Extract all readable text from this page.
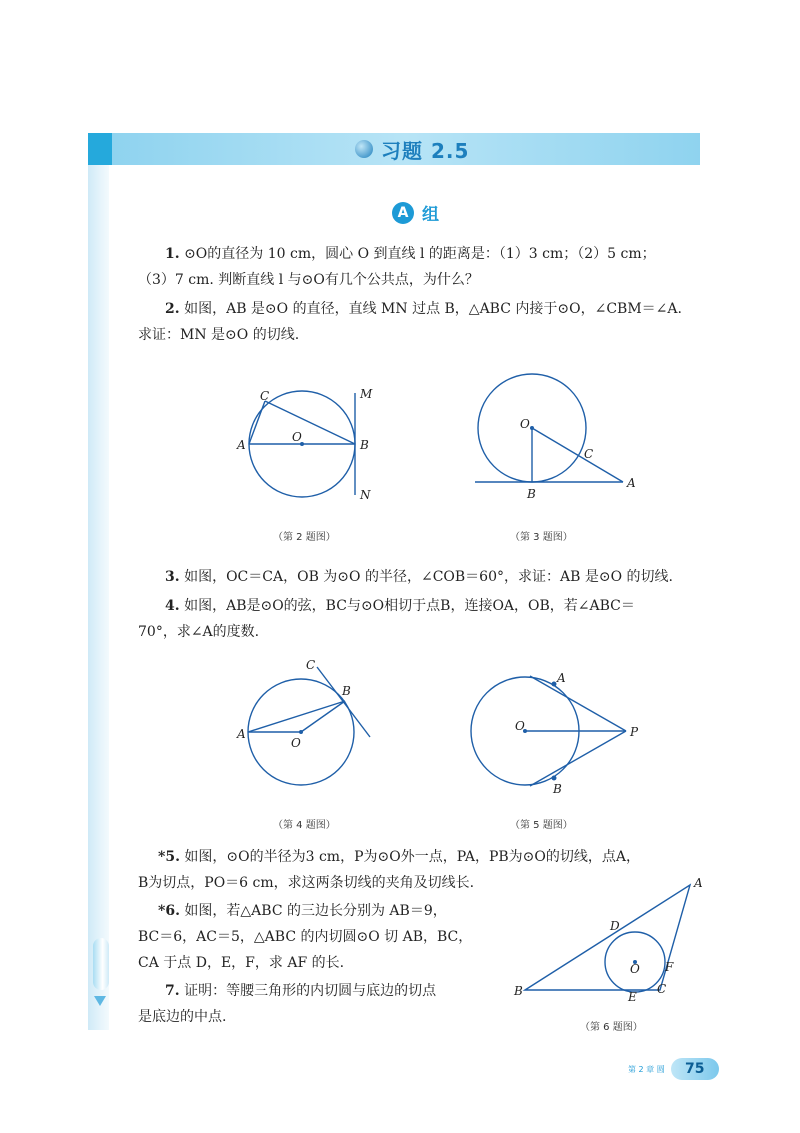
习题 2.5
A 组
1. ⊙O的直径为 10 cm，圆心 O 到直线 l 的距离是：（1）3 cm；（2）5 cm；
（3）7 cm. 判断直线 l 与⊙O有几个公共点，为什么？
2. 如图，AB 是⊙O 的直径，直线 MN 过点 B，△ABC 内接于⊙O，∠CBM＝∠A.
求证：MN 是⊙O 的切线.
C
A
O
B
M
N
（第 2 题图）
O
C
B
A
（第 3 题图）
3. 如图，OC＝CA，OB 为⊙O 的半径，∠COB＝60°，求证：AB 是⊙O 的切线.
4. 如图，AB是⊙O的弦，BC与⊙O相切于点B，连接OA，OB，若∠ABC＝
70°，求∠A的度数.
C
B
A
O
（第 4 题图）
A
O	P
B
（第 5 题图）
*5. 如图，⊙O的半径为3 cm，P为⊙O外一点，PA，PB为⊙O的切线，点A，
B为切点，PO＝6 cm，求这两条切线的夹角及切线长.
*6. 如图，若△ABC 的三边长分别为 AB＝9，
BC＝6，AC＝5，△ABC 的内切圆⊙O 切 AB，BC，
CA 于点 D，E，F，求 AF 的长.
7. 证明：等腰三角形的内切圆与底边的切点
是底边的中点.
A
D
O F
B	E
C
（第 6 题图）
第 2 章 圆	75
